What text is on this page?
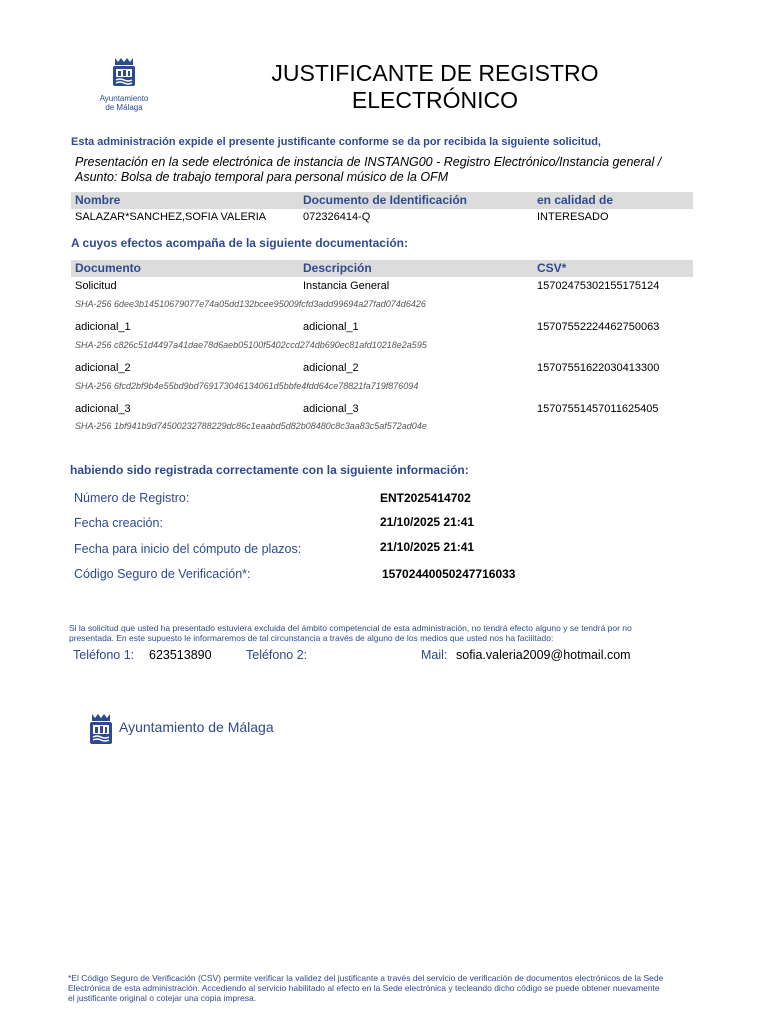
Ayuntamiento
de Málaga
JUSTIFICANTE DE REGISTRO
ELECTRÓNICO
Esta administración expide el presente justificante conforme se da por recibida la siguiente solicitud,
Presentación en la sede electrónica de instancia de INSTANG00 - Registro Electrónico/Instancia general /
Asunto: Bolsa de trabajo temporal para personal músico de la OFM
Nombre	Documento de Identificación	en calidad de
SALAZAR*SANCHEZ,SOFIA VALERIA	072326414-Q	INTERESADO
A cuyos efectos acompaña de la siguiente documentación:
Documento	Descripción	CSV*
Solicitud	Instancia General	15702475302155175124
SHA-256 6dee3b14510679077e74a05dd132bcee95009fcfd3add99694a27fad074d6426
adicional_1	adicional_1	15707552224462750063
SHA-256 c826c51d4497a41dae78d6aeb05100f5402ccd274db690ec81afd10218e2a595
adicional_2	adicional_2	15707551622030413300
SHA-256 6fcd2bf9b4e55bd9bd769173046134061d5bbfe4fdd64ce78821fa719f876094
adicional_3	adicional_3	15707551457011625405
SHA-256 1bf941b9d74500232788229dc86c1eaabd5d82b08480c8c3aa83c5af572ad04e
habiendo sido registrada correctamente con la siguiente información:
Número de Registro:	ENT2025414702
Fecha creación:	21/10/2025 21:41
Fecha para inicio del cómputo de plazos:	21/10/2025 21:41
Código Seguro de Verificación*:	15702440050247716033
Si la solicitud que usted ha presentado estuviera excluida del ámbito competencial de esta administración, no tendrá efecto alguno y se tendrá por no
presentada. En este supuesto le informaremos de tal circunstancia a través de alguno de los medios que usted nos ha facilitado:
Teléfono 1: 623513890	Teléfono 2:	Mail: sofia.valeria2009@hotmail.com
Ayuntamiento de Málaga
*El Código Seguro de Verificación (CSV) permite verificar la validez del justificante a través del servicio de verificación de documentos electrónicos de la Sede
Electrónica de esta administración. Accediendo al servicio habilitado al efecto en la Sede electrónica y tecleando dicho código se puede obtener nuevamente
el justificante original o cotejar una copia impresa.
